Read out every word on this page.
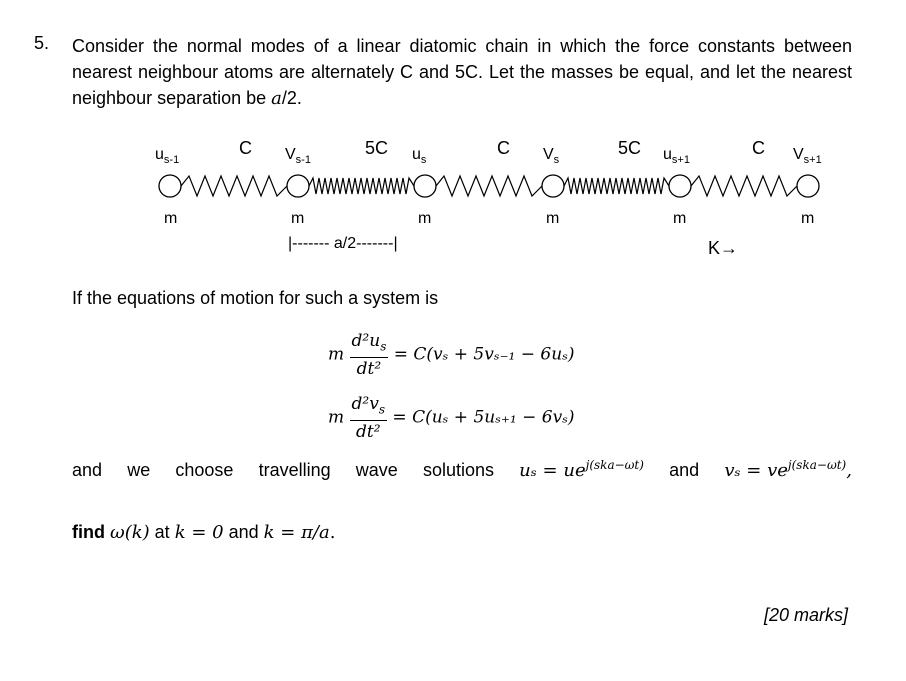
5. Consider the normal modes of a linear diatomic chain in which the force constants between nearest neighbour atoms are alternately C and 5C. Let the masses be equal, and let the nearest neighbour separation be a/2.
$u_{s-1}$
C $V_{s-1}$
5C $u_s$
C $V_s$
5C $u_{s+1}$
C $V_{s+1}$
m	m	m	m	m	m
|------- a/2-------|	K→
If the equations of motion for such a system is
m $\frac{d^2u_s}{\text{dt²}} = C(v_s + 5v_{s-1} - 6u_s)$
m $\frac{d^2v_s}{\text{dt²}} = C(u_s + 5u_{s+1} - 6v_s)$
and we choose travelling wave solutions $u_s = ue^{j(ska-\omega t)}$ and $v_s = ve^{j(ska-\omega t)}$,
find ω(k) at k = 0 and k = π/a.
[20 marks]
